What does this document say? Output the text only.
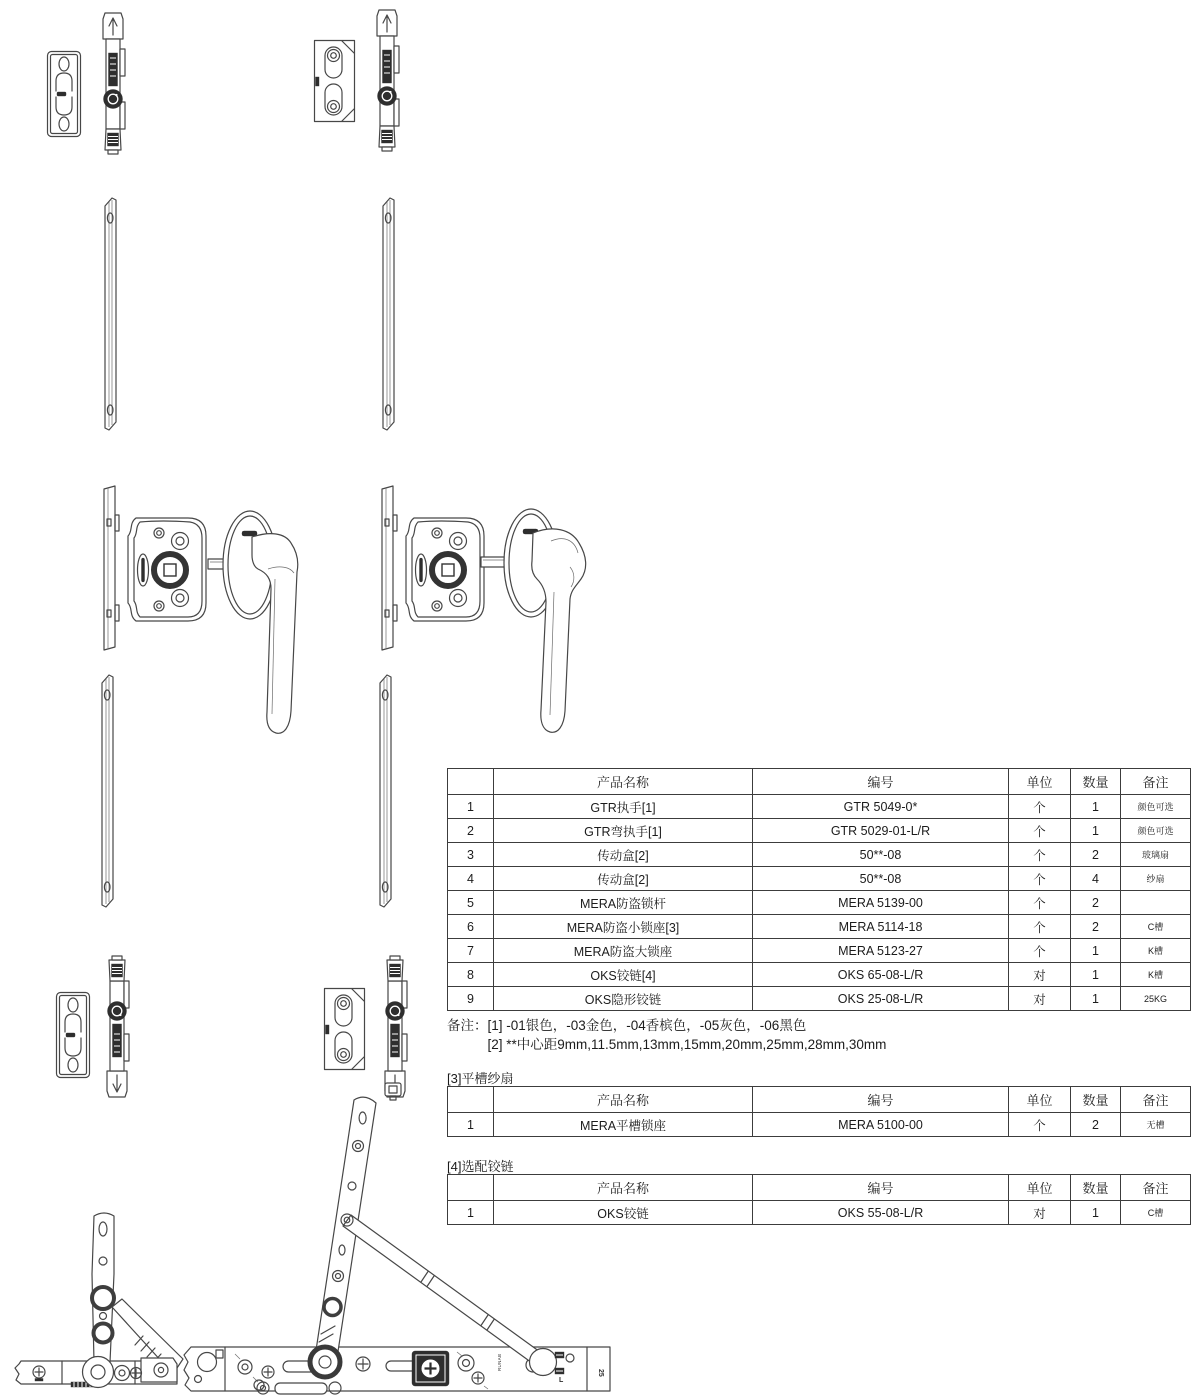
RUNAB
L
25
	产品名称	编号	单位	数量	备注
1	GTR执手[1]	GTR 5049-0*	个	1	颜色可选
2	GTR弯执手[1]	GTR 5029-01-L/R	个	1	颜色可选
3	传动盒[2]	50**-08	个	2	玻璃扇
4	传动盒[2]	50**-08	个	4	纱扇
5	MERA防盗锁杆	MERA 5139-00	个	2	
6	MERA防盗小锁座[3]	MERA 5114-18	个	2	C槽
7	MERA防盗大锁座	MERA 5123-27	个	1	K槽
8	OKS铰链[4]	OKS 65-08-L/R	对	1	K槽
9	OKS隐形铰链	OKS 25-08-L/R	对	1	25KG
备注： [1] -01银色，-03金色，-04香槟色，-05灰色，-06黑色
[2] **中心距9mm,11.5mm,13mm,15mm,20mm,25mm,28mm,30mm
[3]平槽纱扇
	产品名称	编号	单位	数量	备注
1	MERA平槽锁座	MERA 5100-00	个	2	无槽
[4]选配铰链
	产品名称	编号	单位	数量	备注
1	OKS铰链	OKS 55-08-L/R	对	1	C槽
